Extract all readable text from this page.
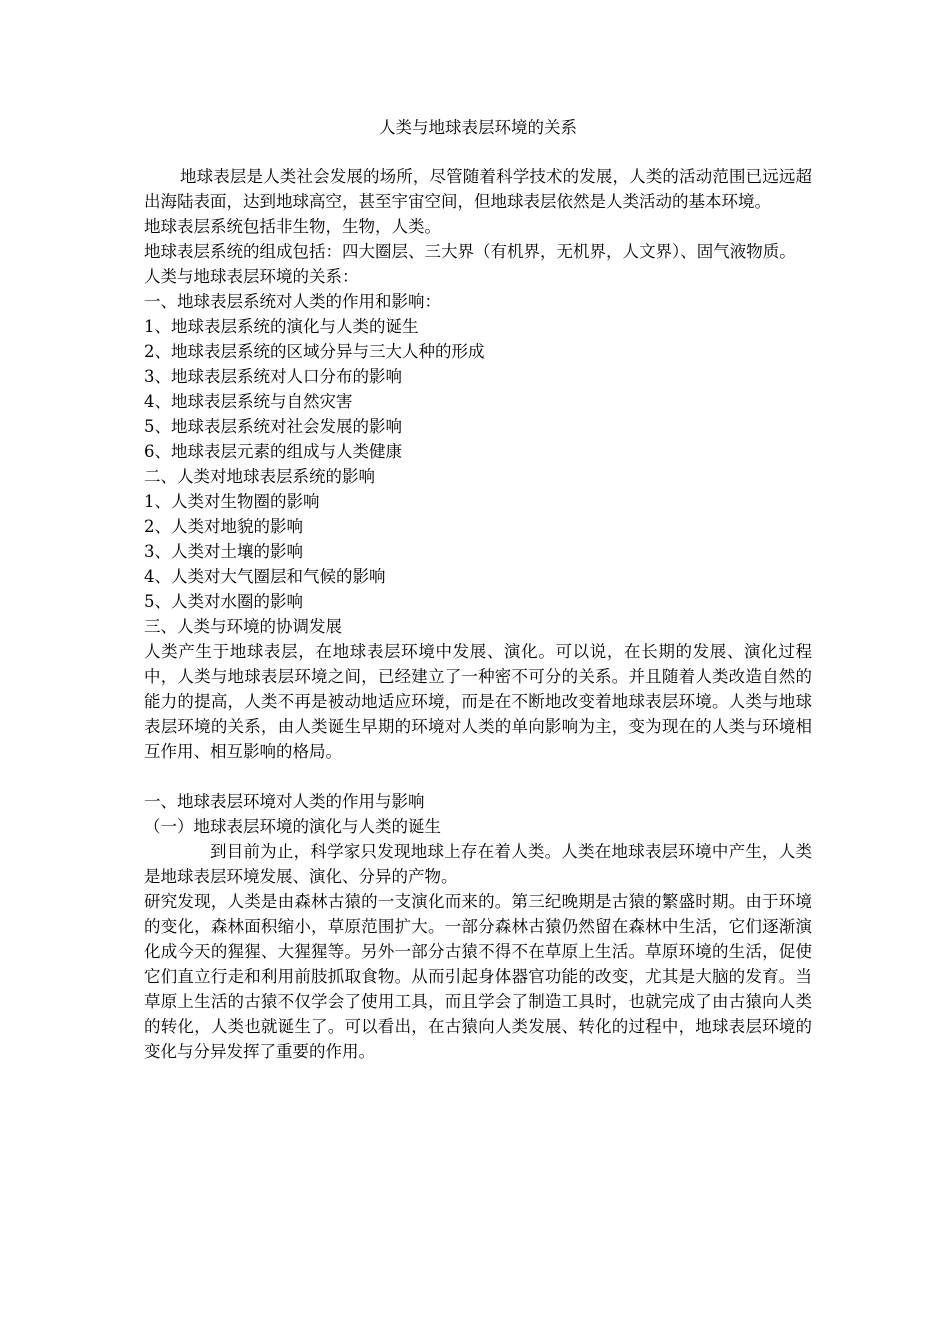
人类与地球表层环境的关系

地球表层是人类社会发展的场所，尽管随着科学技术的发展，人类的活动范围已远远超出海陆表面，达到地球高空，甚至宇宙空间，但地球表层依然是人类活动的基本环境。

地球表层系统包括非生物，生物，人类。

地球表层系统的组成包括：四大圈层、三大界（有机界，无机界，人文界）、固气液物质。

人类与地球表层环境的关系：

一、地球表层系统对人类的作用和影响：

1、地球表层系统的演化与人类的诞生

2、地球表层系统的区域分异与三大人种的形成

3、地球表层系统对人口分布的影响

4、地球表层系统与自然灾害

5、地球表层系统对社会发展的影响

6、地球表层元素的组成与人类健康

二、人类对地球表层系统的影响

1、人类对生物圈的影响

2、人类对地貌的影响

3、人类对土壤的影响

4、人类对大气圈层和气候的影响

5、人类对水圈的影响

三、人类与环境的协调发展

人类产生于地球表层，在地球表层环境中发展、演化。可以说，在长期的发展、演化过程中，人类与地球表层环境之间，已经建立了一种密不可分的关系。并且随着人类改造自然的能力的提高，人类不再是被动地适应环境，而是在不断地改变着地球表层环境。人类与地球表层环境的关系，由人类诞生早期的环境对人类的单向影响为主，变为现在的人类与环境相互作用、相互影响的格局。

一、地球表层环境对人类的作用与影响

（一）地球表层环境的演化与人类的诞生

到目前为止，科学家只发现地球上存在着人类。人类在地球表层环境中产生，人类是地球表层环境发展、演化、分异的产物。

研究发现，人类是由森林古猿的一支演化而来的。第三纪晚期是古猿的繁盛时期。由于环境的变化，森林面积缩小，草原范围扩大。一部分森林古猿仍然留在森林中生活，它们逐渐演化成今天的猩猩、大猩猩等。另外一部分古猿不得不在草原上生活。草原环境的生活，促使它们直立行走和利用前肢抓取食物。从而引起身体器官功能的改变，尤其是大脑的发育。当草原上生活的古猿不仅学会了使用工具，而且学会了制造工具时，也就完成了由古猿向人类的转化，人类也就诞生了。可以看出，在古猿向人类发展、转化的过程中，地球表层环境的变化与分异发挥了重要的作用。
